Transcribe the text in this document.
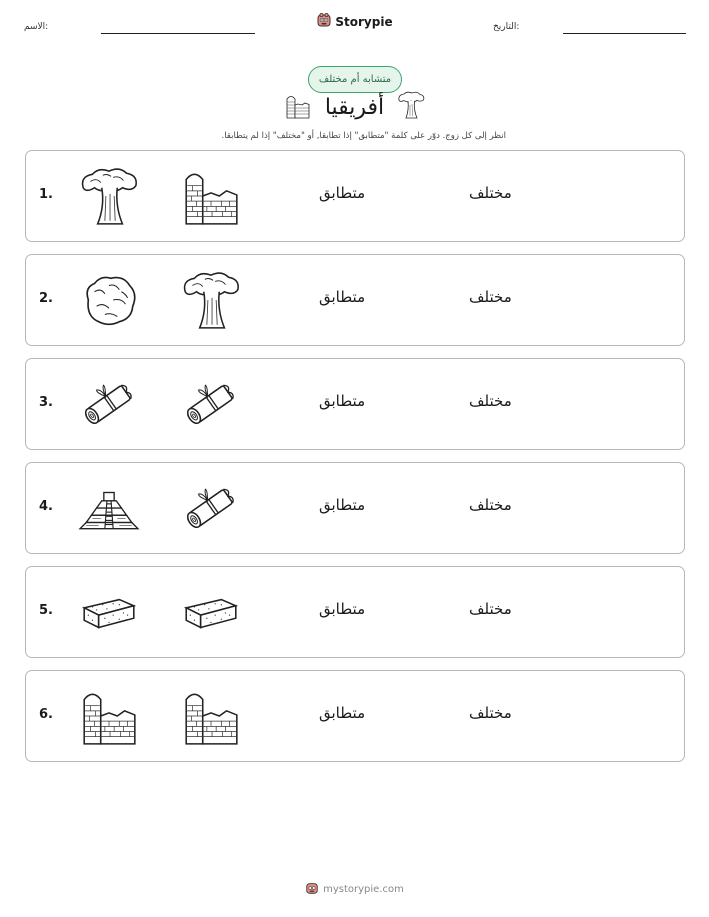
الاسم:	التاريخ:
Storypie
متشابه أم مختلف
أفريقيا
انظر إلى كل زوج. دوّر على كلمة "متطابق" إذا تطابقا, أو "مختلف" إذا لم يتطابقا.
1.	متطابق	مختلف
2.	متطابق	مختلف
3.	متطابق	مختلف
4.	متطابق	مختلف
5.	متطابق	مختلف
6.	متطابق	مختلف
mystorypie.com
